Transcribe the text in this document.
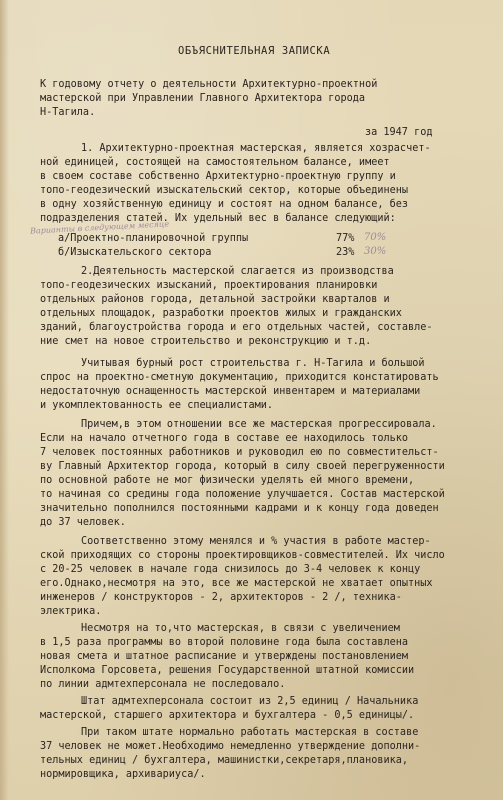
ОБЪЯСНИТЕЛЬНАЯ ЗАПИСКА
К годовому отчету о деятельности Архитектурно-проектной
мастерской при Управлении Главного Архитектора города
Н-Тагила.
за 1947 год
1. Архитектурно-проектная мастерская, является хозрасчет-
ной единицей, состоящей на самостоятельном балансе, имеет
в своем составе собственно Архитектурно-проектную группу и
топо-геодезический изыскательский сектор, которые объединены
в одну хозяйственную единицу и состоят на одном балансе, без
подразделения статей. Их удельный вес в балансе следующий:
Варианты в следующем месяце
а/Проектно-планировочной группы	77% 70%
б/Изыскательского сектора	23% 30%
2.Деятельность мастерской слагается из производства
топо-геодезических изысканий, проектирования планировки
отдельных районов города, детальной застройки кварталов и
отдельных площадок, разработки проектов жилых и гражданских
зданий, благоустройства города и его отдельных частей, составле-
ние смет на новое строительство и реконструкцию и т.д.
Учитывая бурный рост строительства г. Н-Тагила и большой
спрос на проектно-сметную документацию, приходится констатировать
недостаточную оснащенность мастерской инвентарем и материалами
и укомплектованность ее специалистами.
Причем,в этом отношении все же мастерская прогрессировала.
Если на начало отчетного года в составе ее находилось только
7 человек постоянных работников и руководил ею по совместительст-
ву Главный Архитектор города, который в силу своей перегруженности
по основной работе не мог физически уделять ей много времени,
то начиная со средины года положение улучшается. Состав мастерской
значительно пополнился постоянными кадрами и к концу года доведен
до 37 человек.
Соответственно этому менялся и % участия в работе мастер-
ской приходящих со стороны проектировщиков-совместителей. Их число
с 20-25 человек в начале года снизилось до 3-4 человек к концу
его.Однако,несмотря на это, все же мастерской не хватает опытных
инженеров / конструкторов - 2, архитекторов - 2 /, техника-
электрика.
Несмотря на то,что мастерская, в связи с увеличением
в 1,5 раза программы во второй половине года была составлена
новая смета и штатное расписание и утверждены постановлением
Исполкома Горсовета, решения Государственной штатной комиссии
по линии адмтехперсонала не последовало.
Штат адмтехперсонала состоит из 2,5 единиц / Начальника
мастерской, старшего архитектора и бухгалтера - 0,5 единицы/.
При таком штате нормально работать мастерская в составе
37 человек не может.Необходимо немедленно утверждение дополни-
тельных единиц / бухгалтера, машинистки,секретаря,плановика,
нормировщика, архивариуса/.
